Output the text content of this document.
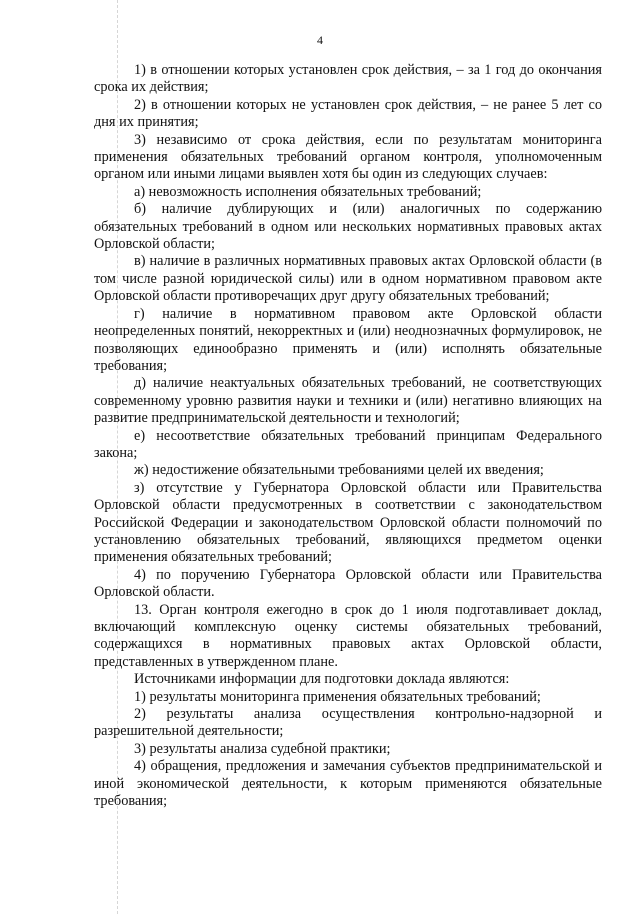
4

1) в отношении которых установлен срок действия, – за 1 год до окончания срока их действия;

2) в отношении которых не установлен срок действия, – не ранее 5 лет со дня их принятия;

3) независимо от срока действия, если по результатам мониторинга применения обязательных требований органом контроля, уполномоченным органом или иными лицами выявлен хотя бы один из следующих случаев:

а) невозможность исполнения обязательных требований;

б) наличие дублирующих и (или) аналогичных по содержанию обязательных требований в одном или нескольких нормативных правовых актах Орловской области;

в) наличие в различных нормативных правовых актах Орловской области (в том числе разной юридической силы) или в одном нормативном правовом акте Орловской области противоречащих друг другу обязательных требований;

г) наличие в нормативном правовом акте Орловской области неопределенных понятий, некорректных и (или) неоднозначных формулировок, не позволяющих единообразно применять и (или) исполнять обязательные требования;

д) наличие неактуальных обязательных требований, не соответствующих современному уровню развития науки и техники и (или) негативно влияющих на развитие предпринимательской деятельности и технологий;

е) несоответствие обязательных требований принципам Федерального закона;

ж) недостижение обязательными требованиями целей их введения;

з) отсутствие у Губернатора Орловской области или Правительства Орловской области предусмотренных в соответствии с законодательством Российской Федерации и законодательством Орловской области полномочий по установлению обязательных требований, являющихся предметом оценки применения обязательных требований;

4) по поручению Губернатора Орловской области или Правительства Орловской области.

13. Орган контроля ежегодно в срок до 1 июля подготавливает доклад, включающий комплексную оценку системы обязательных требований, содержащихся в нормативных правовых актах Орловской области, представленных в утвержденном плане.

Источниками информации для подготовки доклада являются:

1) результаты мониторинга применения обязательных требований;

2) результаты анализа осуществления контрольно-надзорной и разрешительной деятельности;

3) результаты анализа судебной практики;

4) обращения, предложения и замечания субъектов предпринимательской и иной экономической деятельности, к которым применяются обязательные требования;
